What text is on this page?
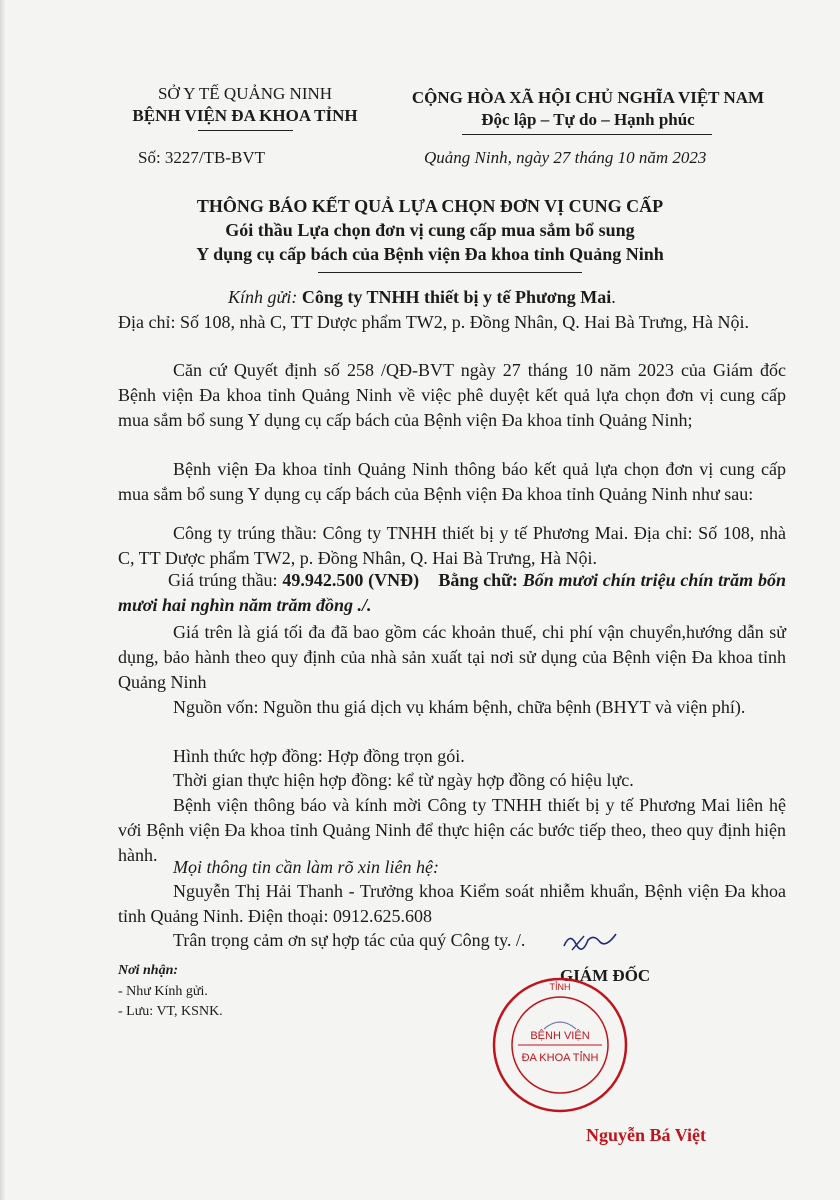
SỞ Y TẾ QUẢNG NINH
BỆNH VIỆN ĐA KHOA TỈNH
CỘNG HÒA XÃ HỘI CHỦ NGHĨA VIỆT NAM
Độc lập – Tự do – Hạnh phúc
Số: 3227/TB-BVT	Quảng Ninh, ngày 27 tháng 10 năm 2023
THÔNG BÁO KẾT QUẢ LỰA CHỌN ĐƠN VỊ CUNG CẤP
Gói thầu Lựa chọn đơn vị cung cấp mua sắm bổ sung
Y dụng cụ cấp bách của Bệnh viện Đa khoa tỉnh Quảng Ninh
Kính gửi: Công ty TNHH thiết bị y tế Phương Mai.
Địa chỉ: Số 108, nhà C, TT Dược phẩm TW2, p. Đồng Nhân, Q. Hai Bà Trưng, Hà Nội.
Căn cứ Quyết định số 258 /QĐ-BVT ngày 27 tháng 10 năm 2023 của Giám đốc Bệnh viện Đa khoa tỉnh Quảng Ninh về việc phê duyệt kết quả lựa chọn đơn vị cung cấp mua sắm bổ sung Y dụng cụ cấp bách của Bệnh viện Đa khoa tỉnh Quảng Ninh;
Bệnh viện Đa khoa tỉnh Quảng Ninh thông báo kết quả lựa chọn đơn vị cung cấp mua sắm bổ sung Y dụng cụ cấp bách của Bệnh viện Đa khoa tỉnh Quảng Ninh như sau:
Công ty trúng thầu: Công ty TNHH thiết bị y tế Phương Mai. Địa chỉ: Số 108, nhà C, TT Dược phẩm TW2, p. Đồng Nhân, Q. Hai Bà Trưng, Hà Nội.
Giá trúng thầu: 49.942.500 (VNĐ) Bằng chữ: Bốn mươi chín triệu chín trăm bốn mươi hai nghìn năm trăm đồng ./.
Giá trên là giá tối đa đã bao gồm các khoản thuế, chi phí vận chuyển,hướng dẫn sử dụng, bảo hành theo quy định của nhà sản xuất tại nơi sử dụng của Bệnh viện Đa khoa tỉnh Quảng Ninh
Nguồn vốn: Nguồn thu giá dịch vụ khám bệnh, chữa bệnh (BHYT và viện phí).
Hình thức hợp đồng: Hợp đồng trọn gói.
Thời gian thực hiện hợp đồng: kể từ ngày hợp đồng có hiệu lực.
Bệnh viện thông báo và kính mời Công ty TNHH thiết bị y tế Phương Mai liên hệ với Bệnh viện Đa khoa tỉnh Quảng Ninh để thực hiện các bước tiếp theo, theo quy định hiện hành.
Mọi thông tin cần làm rõ xin liên hệ:
Nguyễn Thị Hải Thanh - Trưởng khoa Kiểm soát nhiễm khuẩn, Bệnh viện Đa khoa tỉnh Quảng Ninh. Điện thoại: 0912.625.608
Trân trọng cảm ơn sự hợp tác của quý Công ty. /.
Nơi nhận:
- Như Kính gửi.
- Lưu: VT, KSNK.
GIÁM ĐỐC
TỈNH
BỆNH VIỆN
ĐA KHOA TỈNH
Nguyễn Bá Việt
